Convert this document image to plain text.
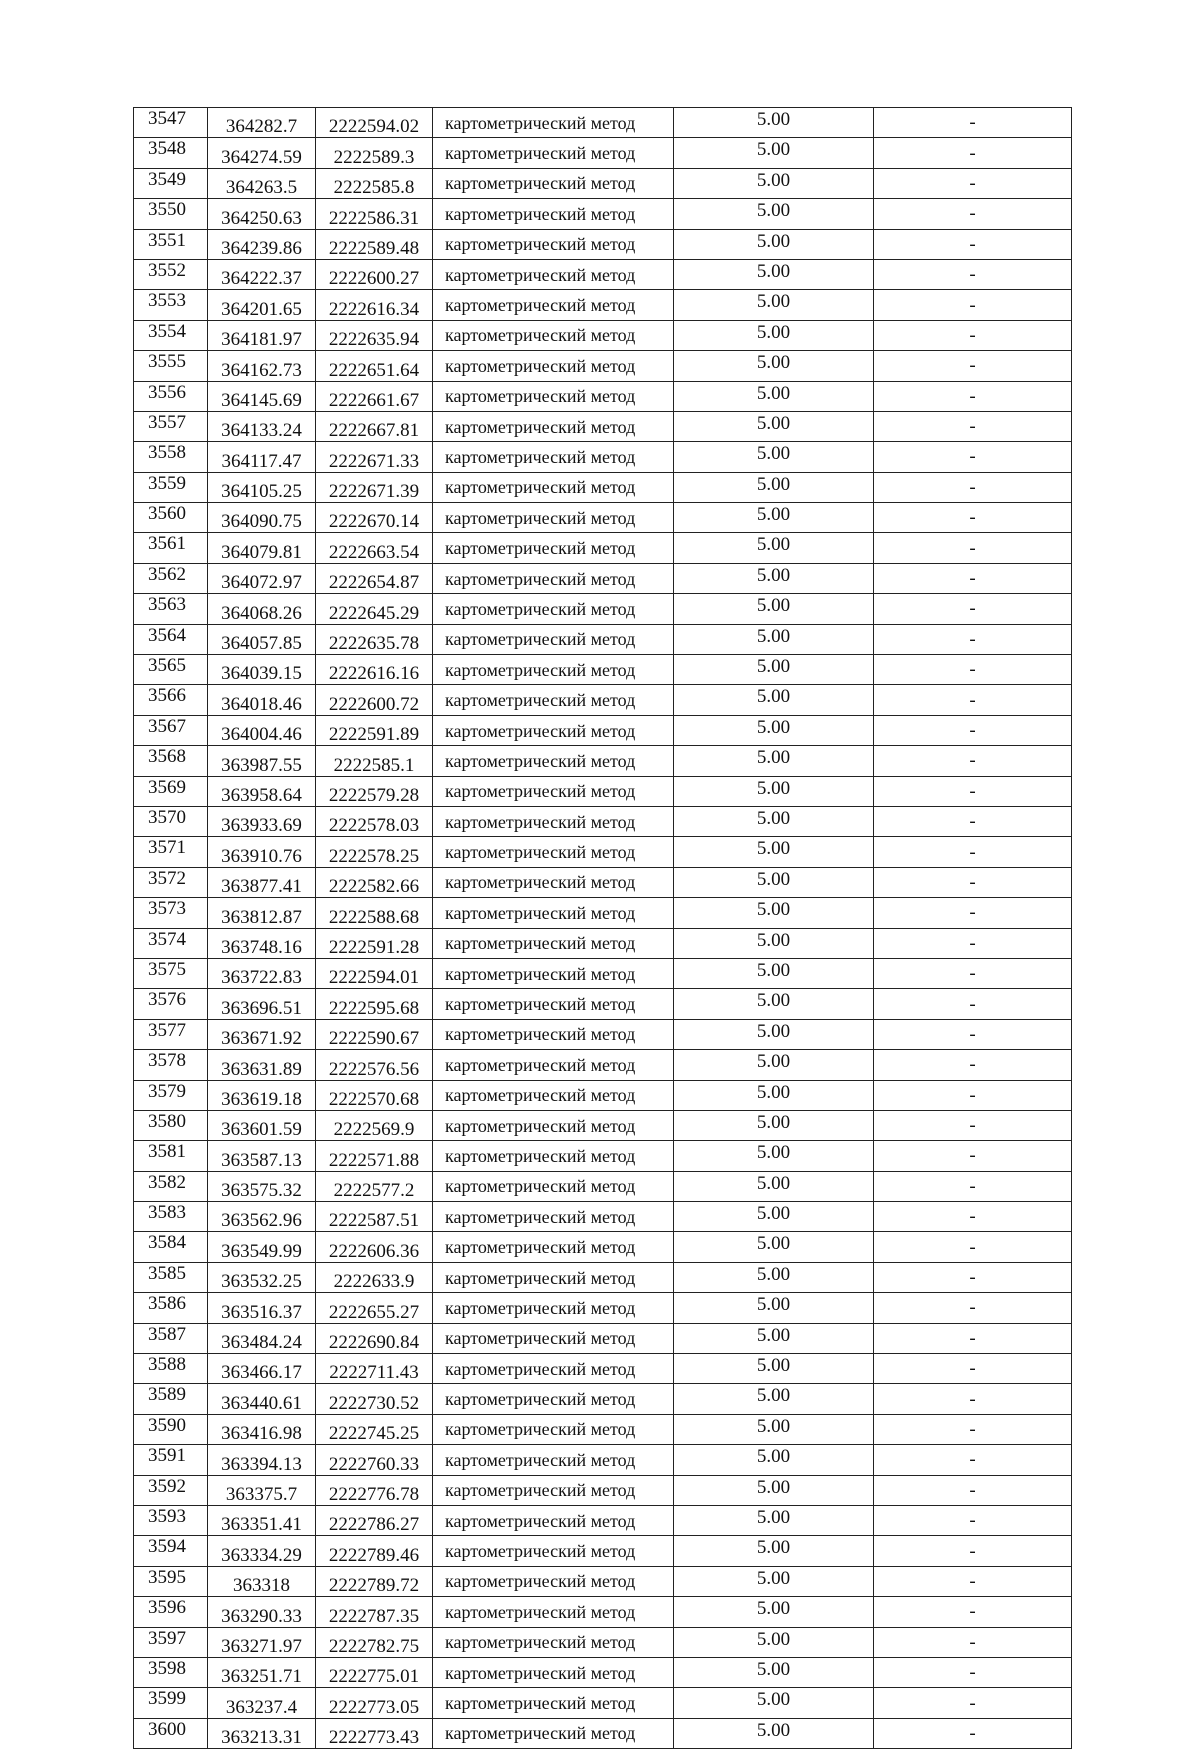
3547	364282.7	2222594.02	картометрический метод	5.00	-
3548	364274.59	2222589.3	картометрический метод	5.00	-
3549	364263.5	2222585.8	картометрический метод	5.00	-
3550	364250.63	2222586.31	картометрический метод	5.00	-
3551	364239.86	2222589.48	картометрический метод	5.00	-
3552	364222.37	2222600.27	картометрический метод	5.00	-
3553	364201.65	2222616.34	картометрический метод	5.00	-
3554	364181.97	2222635.94	картометрический метод	5.00	-
3555	364162.73	2222651.64	картометрический метод	5.00	-
3556	364145.69	2222661.67	картометрический метод	5.00	-
3557	364133.24	2222667.81	картометрический метод	5.00	-
3558	364117.47	2222671.33	картометрический метод	5.00	-
3559	364105.25	2222671.39	картометрический метод	5.00	-
3560	364090.75	2222670.14	картометрический метод	5.00	-
3561	364079.81	2222663.54	картометрический метод	5.00	-
3562	364072.97	2222654.87	картометрический метод	5.00	-
3563	364068.26	2222645.29	картометрический метод	5.00	-
3564	364057.85	2222635.78	картометрический метод	5.00	-
3565	364039.15	2222616.16	картометрический метод	5.00	-
3566	364018.46	2222600.72	картометрический метод	5.00	-
3567	364004.46	2222591.89	картометрический метод	5.00	-
3568	363987.55	2222585.1	картометрический метод	5.00	-
3569	363958.64	2222579.28	картометрический метод	5.00	-
3570	363933.69	2222578.03	картометрический метод	5.00	-
3571	363910.76	2222578.25	картометрический метод	5.00	-
3572	363877.41	2222582.66	картометрический метод	5.00	-
3573	363812.87	2222588.68	картометрический метод	5.00	-
3574	363748.16	2222591.28	картометрический метод	5.00	-
3575	363722.83	2222594.01	картометрический метод	5.00	-
3576	363696.51	2222595.68	картометрический метод	5.00	-
3577	363671.92	2222590.67	картометрический метод	5.00	-
3578	363631.89	2222576.56	картометрический метод	5.00	-
3579	363619.18	2222570.68	картометрический метод	5.00	-
3580	363601.59	2222569.9	картометрический метод	5.00	-
3581	363587.13	2222571.88	картометрический метод	5.00	-
3582	363575.32	2222577.2	картометрический метод	5.00	-
3583	363562.96	2222587.51	картометрический метод	5.00	-
3584	363549.99	2222606.36	картометрический метод	5.00	-
3585	363532.25	2222633.9	картометрический метод	5.00	-
3586	363516.37	2222655.27	картометрический метод	5.00	-
3587	363484.24	2222690.84	картометрический метод	5.00	-
3588	363466.17	2222711.43	картометрический метод	5.00	-
3589	363440.61	2222730.52	картометрический метод	5.00	-
3590	363416.98	2222745.25	картометрический метод	5.00	-
3591	363394.13	2222760.33	картометрический метод	5.00	-
3592	363375.7	2222776.78	картометрический метод	5.00	-
3593	363351.41	2222786.27	картометрический метод	5.00	-
3594	363334.29	2222789.46	картометрический метод	5.00	-
3595	363318	2222789.72	картометрический метод	5.00	-
3596	363290.33	2222787.35	картометрический метод	5.00	-
3597	363271.97	2222782.75	картометрический метод	5.00	-
3598	363251.71	2222775.01	картометрический метод	5.00	-
3599	363237.4	2222773.05	картометрический метод	5.00	-
3600	363213.31	2222773.43	картометрический метод	5.00	-
